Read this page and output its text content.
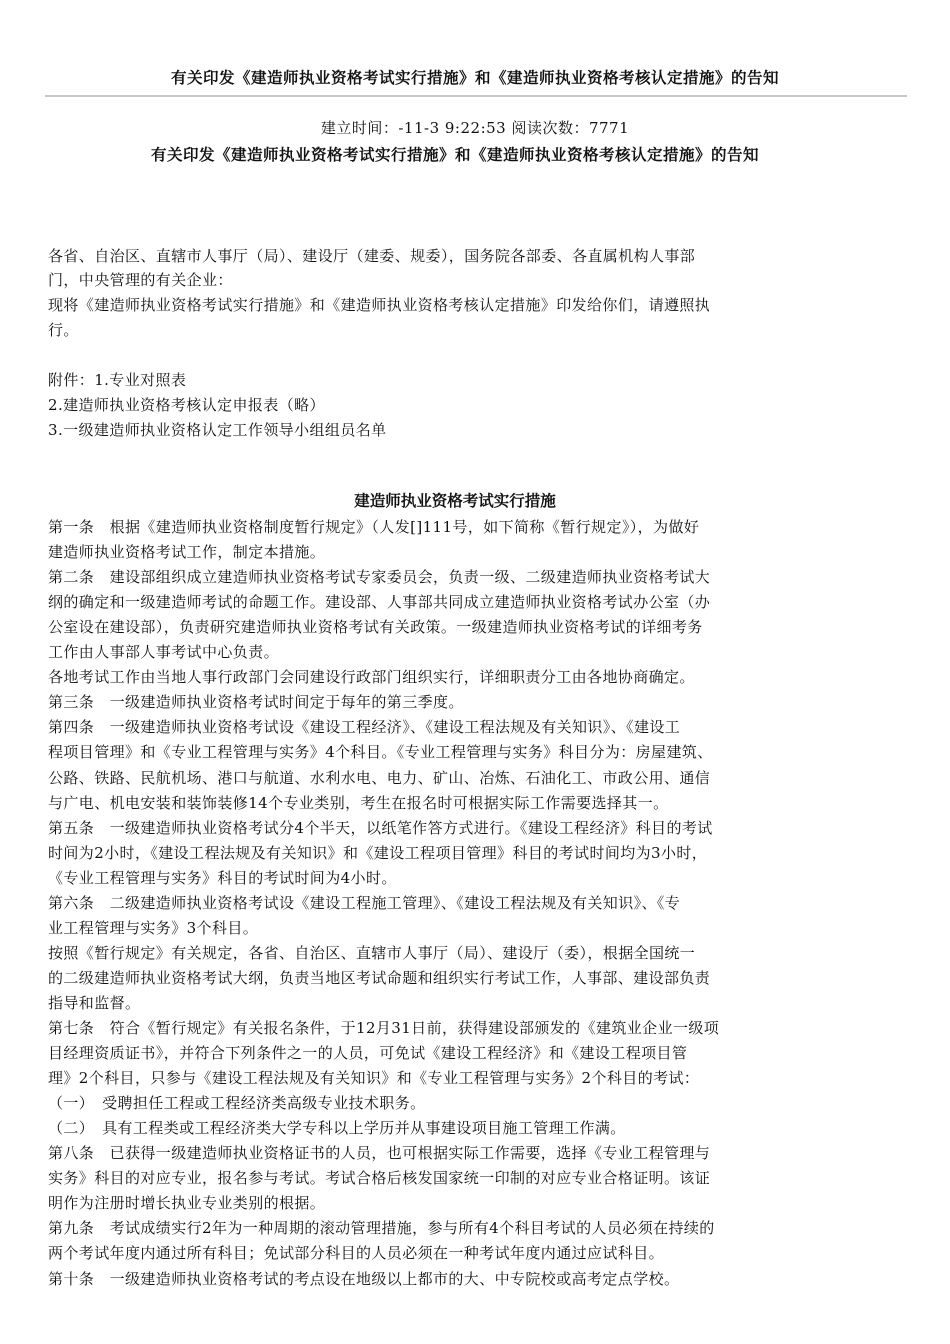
有关印发《建造师执业资格考试实行措施》和《建造师执业资格考核认定措施》的告知
建立时间：-11-3 9:22:53 阅读次数：7771
有关印发《建造师执业资格考试实行措施》和《建造师执业资格考核认定措施》的告知
各省、自治区、直辖市人事厅（局）、建设厅（建委、规委），国务院各部委、各直属机构人事部
门，中央管理的有关企业：
现将《建造师执业资格考试实行措施》和《建造师执业资格考核认定措施》印发给你们，请遵照执
行。
附件：1.专业对照表
2.建造师执业资格考核认定申报表（略）
3.一级建造师执业资格认定工作领导小组组员名单
建造师执业资格考试实行措施
第一条　根据《建造师执业资格制度暂行规定》（人发[]111号，如下简称《暂行规定》），为做好
建造师执业资格考试工作，制定本措施。
第二条　建设部组织成立建造师执业资格考试专家委员会，负责一级、二级建造师执业资格考试大
纲的确定和一级建造师考试的命题工作。建设部、人事部共同成立建造师执业资格考试办公室（办
公室设在建设部），负责研究建造师执业资格考试有关政策。一级建造师执业资格考试的详细考务
工作由人事部人事考试中心负责。
各地考试工作由当地人事行政部门会同建设行政部门组织实行，详细职责分工由各地协商确定。
第三条　一级建造师执业资格考试时间定于每年的第三季度。
第四条　一级建造师执业资格考试设《建设工程经济》、《建设工程法规及有关知识》、《建设工
程项目管理》和《专业工程管理与实务》4个科目。《专业工程管理与实务》科目分为：房屋建筑、
公路、铁路、民航机场、港口与航道、水利水电、电力、矿山、冶炼、石油化工、市政公用、通信
与广电、机电安装和装饰装修14个专业类别，考生在报名时可根据实际工作需要选择其一。
第五条　一级建造师执业资格考试分4个半天，以纸笔作答方式进行。《建设工程经济》科目的考试
时间为2小时，《建设工程法规及有关知识》和《建设工程项目管理》科目的考试时间均为3小时，
《专业工程管理与实务》科目的考试时间为4小时。
第六条　二级建造师执业资格考试设《建设工程施工管理》、《建设工程法规及有关知识》、《专
业工程管理与实务》3个科目。
按照《暂行规定》有关规定，各省、自治区、直辖市人事厅（局）、建设厅（委），根据全国统一
的二级建造师执业资格考试大纲，负责当地区考试命题和组织实行考试工作，人事部、建设部负责
指导和监督。
第七条　符合《暂行规定》有关报名条件，于12月31日前，获得建设部颁发的《建筑业企业一级项
目经理资质证书》，并符合下列条件之一的人员，可免试《建设工程经济》和《建设工程项目管
理》2个科目，只参与《建设工程法规及有关知识》和《专业工程管理与实务》2个科目的考试：
（一）　受聘担任工程或工程经济类高级专业技术职务。
（二）　具有工程类或工程经济类大学专科以上学历并从事建设项目施工管理工作满。
第八条　已获得一级建造师执业资格证书的人员，也可根据实际工作需要，选择《专业工程管理与
实务》科目的对应专业，报名参与考试。考试合格后核发国家统一印制的对应专业合格证明。该证
明作为注册时增长执业专业类别的根据。
第九条　考试成绩实行2年为一种周期的滚动管理措施，参与所有4个科目考试的人员必须在持续的
两个考试年度内通过所有科目；免试部分科目的人员必须在一种考试年度内通过应试科目。
第十条　一级建造师执业资格考试的考点设在地级以上都市的大、中专院校或高考定点学校。
